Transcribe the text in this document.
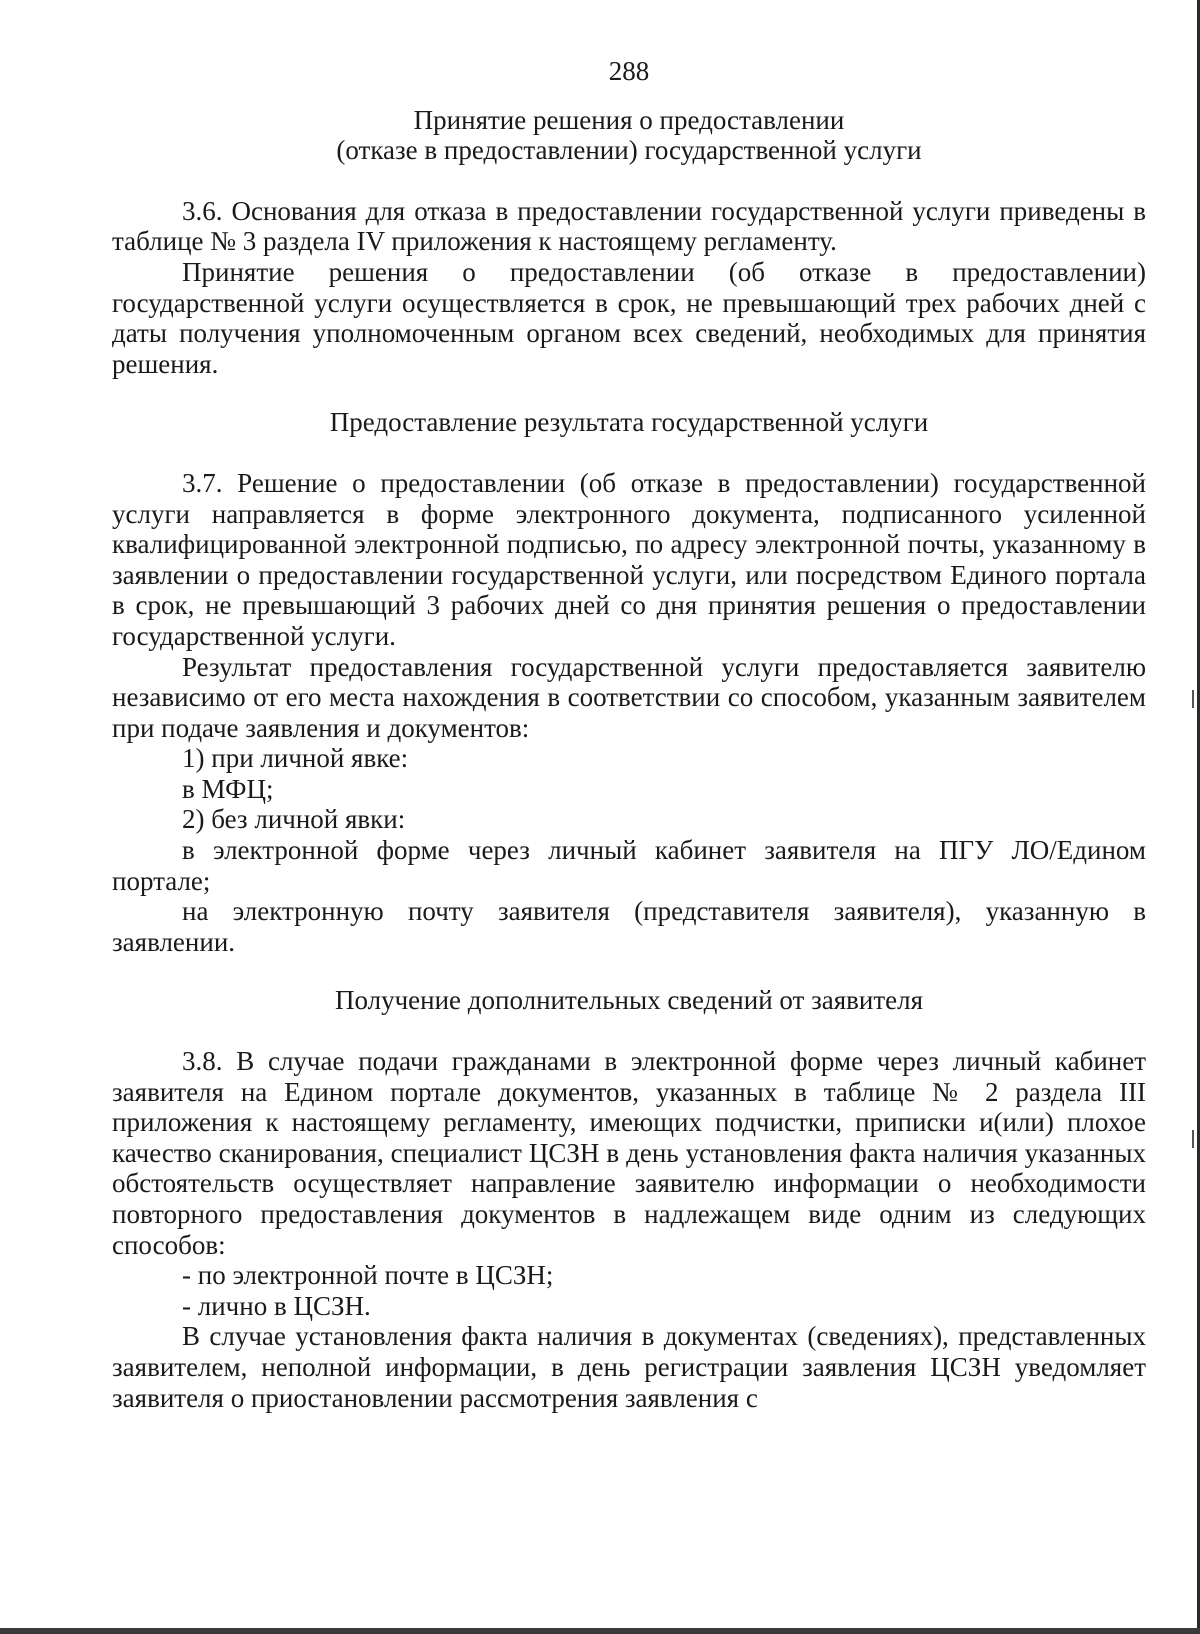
288
Принятие решения о предоставлении
(отказе в предоставлении) государственной услуги

3.6. Основания для отказа в предоставлении государственной услуги приведены в таблице № 3 раздела IV приложения к настоящему регламенту.

Принятие решения о предоставлении (об отказе в предоставлении) государственной услуги осуществляется в срок, не превышающий трех рабочих дней с даты получения уполномоченным органом всех сведений, необходимых для принятия решения.

Предоставление результата государственной услуги

3.7. Решение о предоставлении (об отказе в предоставлении) государственной услуги направляется в форме электронного документа, подписанного усиленной квалифицированной электронной подписью, по адресу электронной почты, указанному в заявлении о предоставлении государственной услуги, или посредством Единого портала в срок, не превышающий 3 рабочих дней со дня принятия решения о предоставлении государственной услуги.

Результат предоставления государственной услуги предоставляется заявителю независимо от его места нахождения в соответствии со способом, указанным заявителем при подаче заявления и документов:

1) при личной явке:
в МФЦ;
2) без личной явки:

в электронной форме через личный кабинет заявителя на ПГУ ЛО/Едином портале;

на электронную почту заявителя (представителя заявителя), указанную в заявлении.

Получение дополнительных сведений от заявителя

3.8. В случае подачи гражданами в электронной форме через личный кабинет заявителя на Едином портале документов, указанных в таблице № 2 раздела III приложения к настоящему регламенту, имеющих подчистки, приписки и(или) плохое качество сканирования, специалист ЦСЗН в день установления факта наличия указанных обстоятельств осуществляет направление заявителю информации о необходимости повторного предоставления документов в надлежащем виде одним из следующих способов:

- по электронной почте в ЦСЗН;
- лично в ЦСЗН.

В случае установления факта наличия в документах (сведениях), представленных заявителем, неполной информации, в день регистрации заявления ЦСЗН уведомляет заявителя о приостановлении рассмотрения заявления с
